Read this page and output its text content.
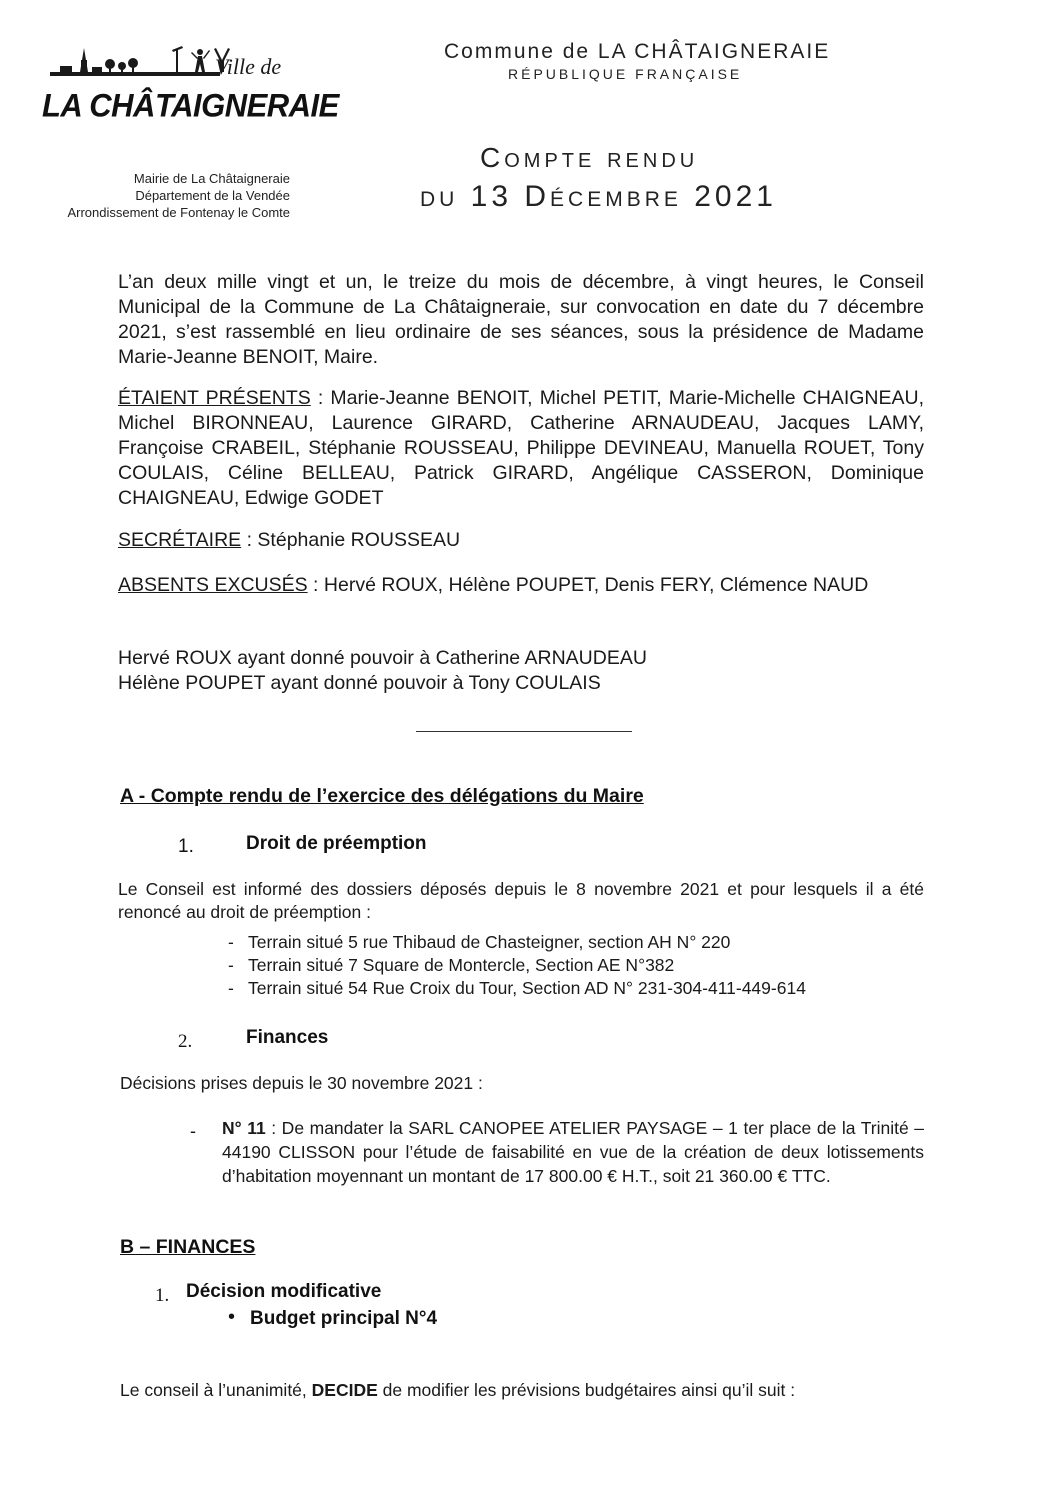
Ville de
LA CHÂTAIGNERAIE
Commune de LA CHÂTAIGNERAIE
RÉPUBLIQUE FRANÇAISE
Mairie de La Châtaigneraie
Département de la Vendée
Arrondissement de Fontenay le Comte
Compte rendu
du 13 Décembre 2021
L’an deux mille vingt et un, le treize du mois de décembre, à vingt heures, le Conseil Municipal de la Commune de La Châtaigneraie, sur convocation en date du 7 décembre 2021, s’est rassemblé en lieu ordinaire de ses séances, sous la présidence de Madame Marie-Jeanne BENOIT, Maire.
ÉTAIENT PRÉSENTS : Marie-Jeanne BENOIT, Michel PETIT, Marie-Michelle CHAIGNEAU, Michel BIRONNEAU, Laurence GIRARD, Catherine ARNAUDEAU, Jacques LAMY, Françoise CRABEIL, Stéphanie ROUSSEAU, Philippe DEVINEAU, Manuella ROUET, Tony COULAIS, Céline BELLEAU, Patrick GIRARD, Angélique CASSERON, Dominique CHAIGNEAU, Edwige GODET
SECRÉTAIRE : Stéphanie ROUSSEAU
ABSENTS EXCUSÉS : Hervé ROUX, Hélène POUPET, Denis FERY, Clémence NAUD
Hervé ROUX ayant donné pouvoir à Catherine ARNAUDEAU
Hélène POUPET ayant donné pouvoir à Tony COULAIS
A - Compte rendu de l’exercice des délégations du Maire
1.	Droit de préemption
Le Conseil est informé des dossiers déposés depuis le 8 novembre 2021 et pour lesquels il a été renoncé au droit de préemption :
- Terrain situé 5 rue Thibaud de Chasteigner, section AH N° 220
- Terrain situé 7 Square de Montercle, Section AE N°382
- Terrain situé 54 Rue Croix du Tour, Section AD N° 231-304-411-449-614
2.	Finances
Décisions prises depuis le 30 novembre 2021 :
- N° 11 : De mandater la SARL CANOPEE ATELIER PAYSAGE – 1 ter place de la Trinité – 44190 CLISSON pour l’étude de faisabilité en vue de la création de deux lotissements d’habitation moyennant un montant de 17 800.00 € H.T., soit 21 360.00 € TTC.
B – FINANCES
1. Décision modificative
• Budget principal N°4
Le conseil à l’unanimité, DECIDE de modifier les prévisions budgétaires ainsi qu’il suit :
